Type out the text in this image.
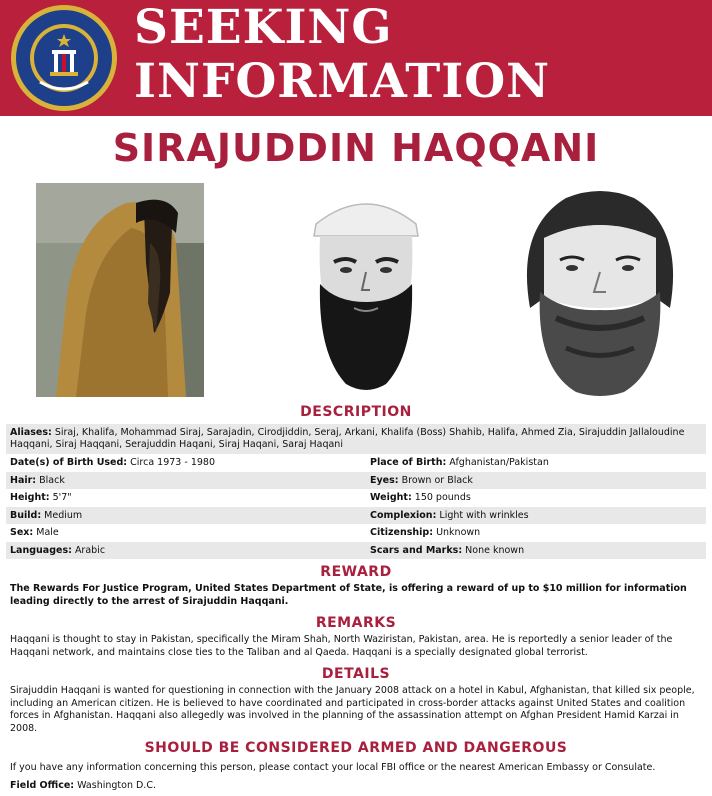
SEEKING
INFORMATION
SIRAJUDDIN HAQQANI
DESCRIPTION
Aliases: Siraj, Khalifa, Mohammad Siraj, Sarajadin, Cirodjiddin, Seraj, Arkani, Khalifa (Boss) Shahib, Halifa, Ahmed Zia, Sirajuddin Jallaloudine Haqqani, Siraj Haqqani, Serajuddin Haqani, Siraj Haqani, Saraj Haqani
Date(s) of Birth Used: Circa 1973 - 1980	Place of Birth: Afghanistan/Pakistan
Hair: Black	Eyes: Brown or Black
Height: 5'7"	Weight: 150 pounds
Build: Medium	Complexion: Light with wrinkles
Sex: Male	Citizenship: Unknown
Languages: Arabic	Scars and Marks: None known
REWARD
The Rewards For Justice Program, United States Department of State, is offering a reward of up to $10 million for information leading directly to the arrest of Sirajuddin Haqqani.
REMARKS
Haqqani is thought to stay in Pakistan, specifically the Miram Shah, North Waziristan, Pakistan, area. He is reportedly a senior leader of the Haqqani network, and maintains close ties to the Taliban and al Qaeda. Haqqani is a specially designated global terrorist.
DETAILS
Sirajuddin Haqqani is wanted for questioning in connection with the January 2008 attack on a hotel in Kabul, Afghanistan, that killed six people, including an American citizen. He is believed to have coordinated and participated in cross-border attacks against United States and coalition forces in Afghanistan. Haqqani also allegedly was involved in the planning of the assassination attempt on Afghan President Hamid Karzai in 2008.
SHOULD BE CONSIDERED ARMED AND DANGEROUS
If you have any information concerning this person, please contact your local FBI office or the nearest American Embassy or Consulate.
Field Office: Washington D.C.
